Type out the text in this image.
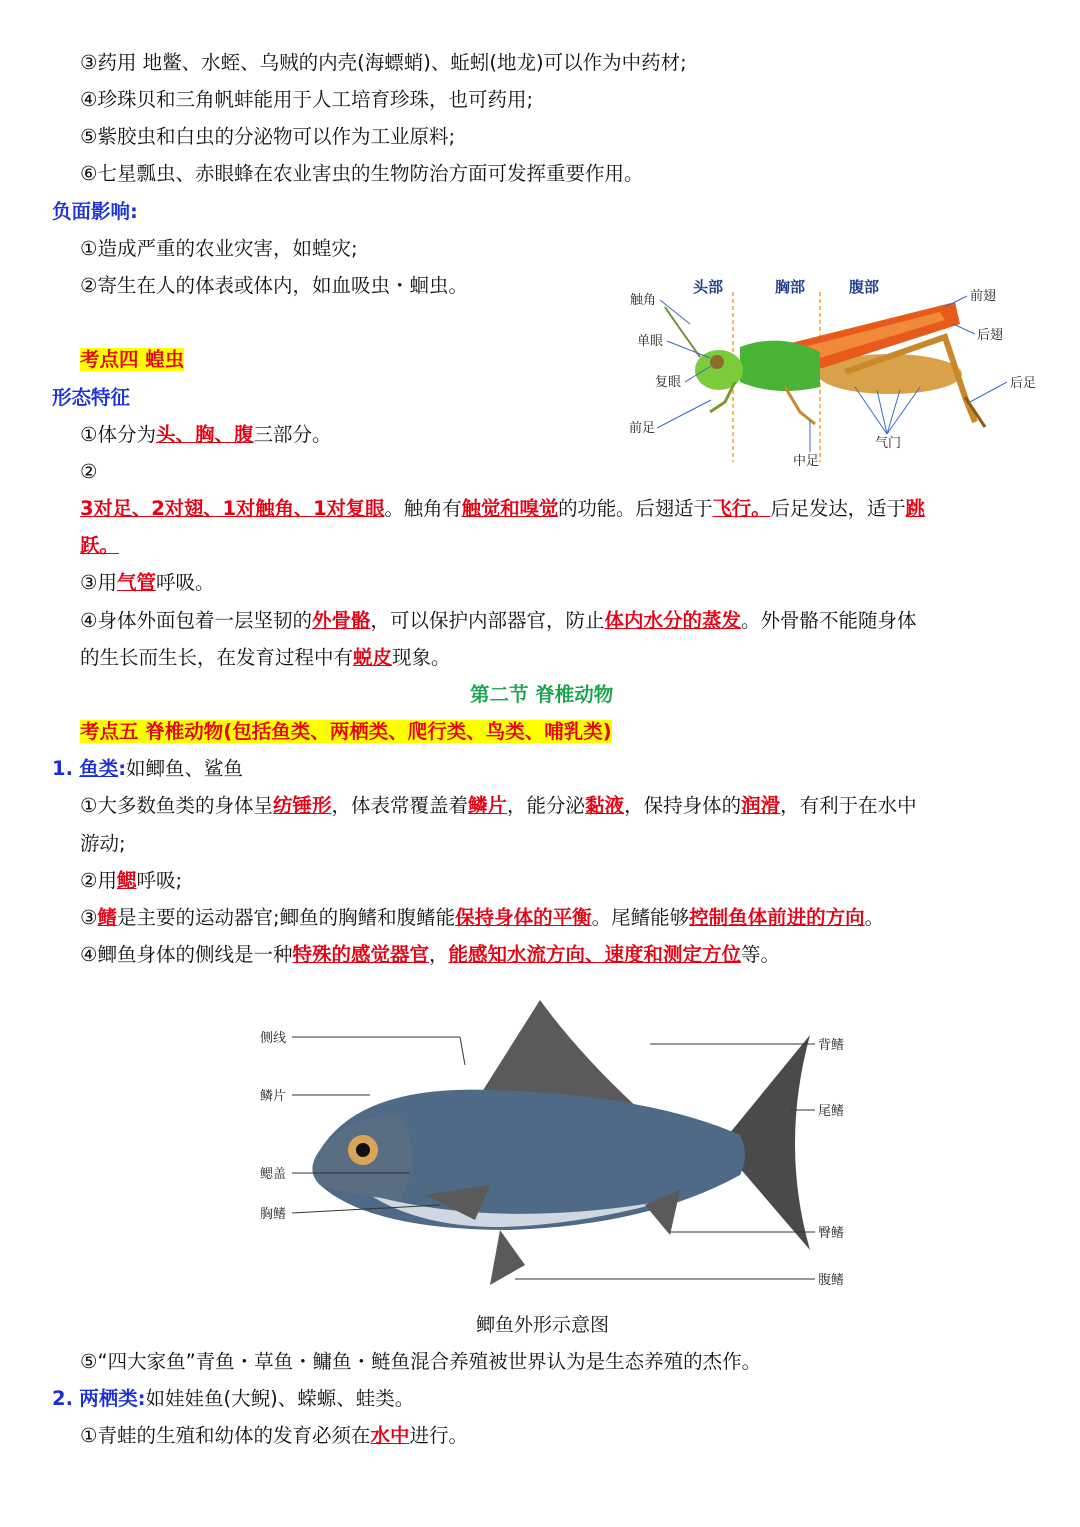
③药用 地鳖、水蛭、乌贼的内壳(海螵蛸)、蚯蚓(地龙)可以作为中药材;
④珍珠贝和三角帆蚌能用于人工培育珍珠，也可药用;
⑤紫胶虫和白虫的分泌物可以作为工业原料;
⑥七星瓢虫、赤眼蜂在农业害虫的生物防治方面可发挥重要作用。
负面影响:
①造成严重的农业灾害，如蝗灾;
②寄生在人的体表或体内，如血吸虫・蛔虫。
考点四 蝗虫
形态特征
①体分为头、胸、腹三部分。
②
3对足、2对翅、1对触角、1对复眼。触角有触觉和嗅觉的功能。后翅适于飞行。后足发达，适于跳
跃。
③用气管呼吸。
④身体外面包着一层坚韧的外骨骼，可以保护内部器官，防止体内水分的蒸发。外骨骼不能随身体
的生长而生长，在发育过程中有蜕皮现象。
第二节 脊椎动物
考点五 脊椎动物(包括鱼类、两栖类、爬行类、鸟类、哺乳类)
1. 鱼类:如鲫鱼、鲨鱼
①大多数鱼类的身体呈纺锤形，体表常覆盖着鳞片，能分泌黏液，保持身体的润滑，有利于在水中
游动;
②用鳃呼吸;
③鳍是主要的运动器官;鲫鱼的胸鳍和腹鳍能保持身体的平衡。尾鳍能够控制鱼体前进的方向。
④鲫鱼身体的侧线是一种特殊的感觉器官，能感知水流方向、速度和测定方位等。
头部	胸部	腹部
触角
单眼
复眼
前足
中足
气门
前翅
后翅
后足
侧线
鳞片
鳃盖
胸鳍
背鳍
尾鳍
臀鳍
腹鳍
鲫鱼外形示意图
⑤“四大家鱼”青鱼・草鱼・鳙鱼・鲢鱼混合养殖被世界认为是生态养殖的杰作。
2. 两栖类:如娃娃鱼(大鲵)、蝾螈、蛙类。
①青蛙的生殖和幼体的发育必须在水中进行。
